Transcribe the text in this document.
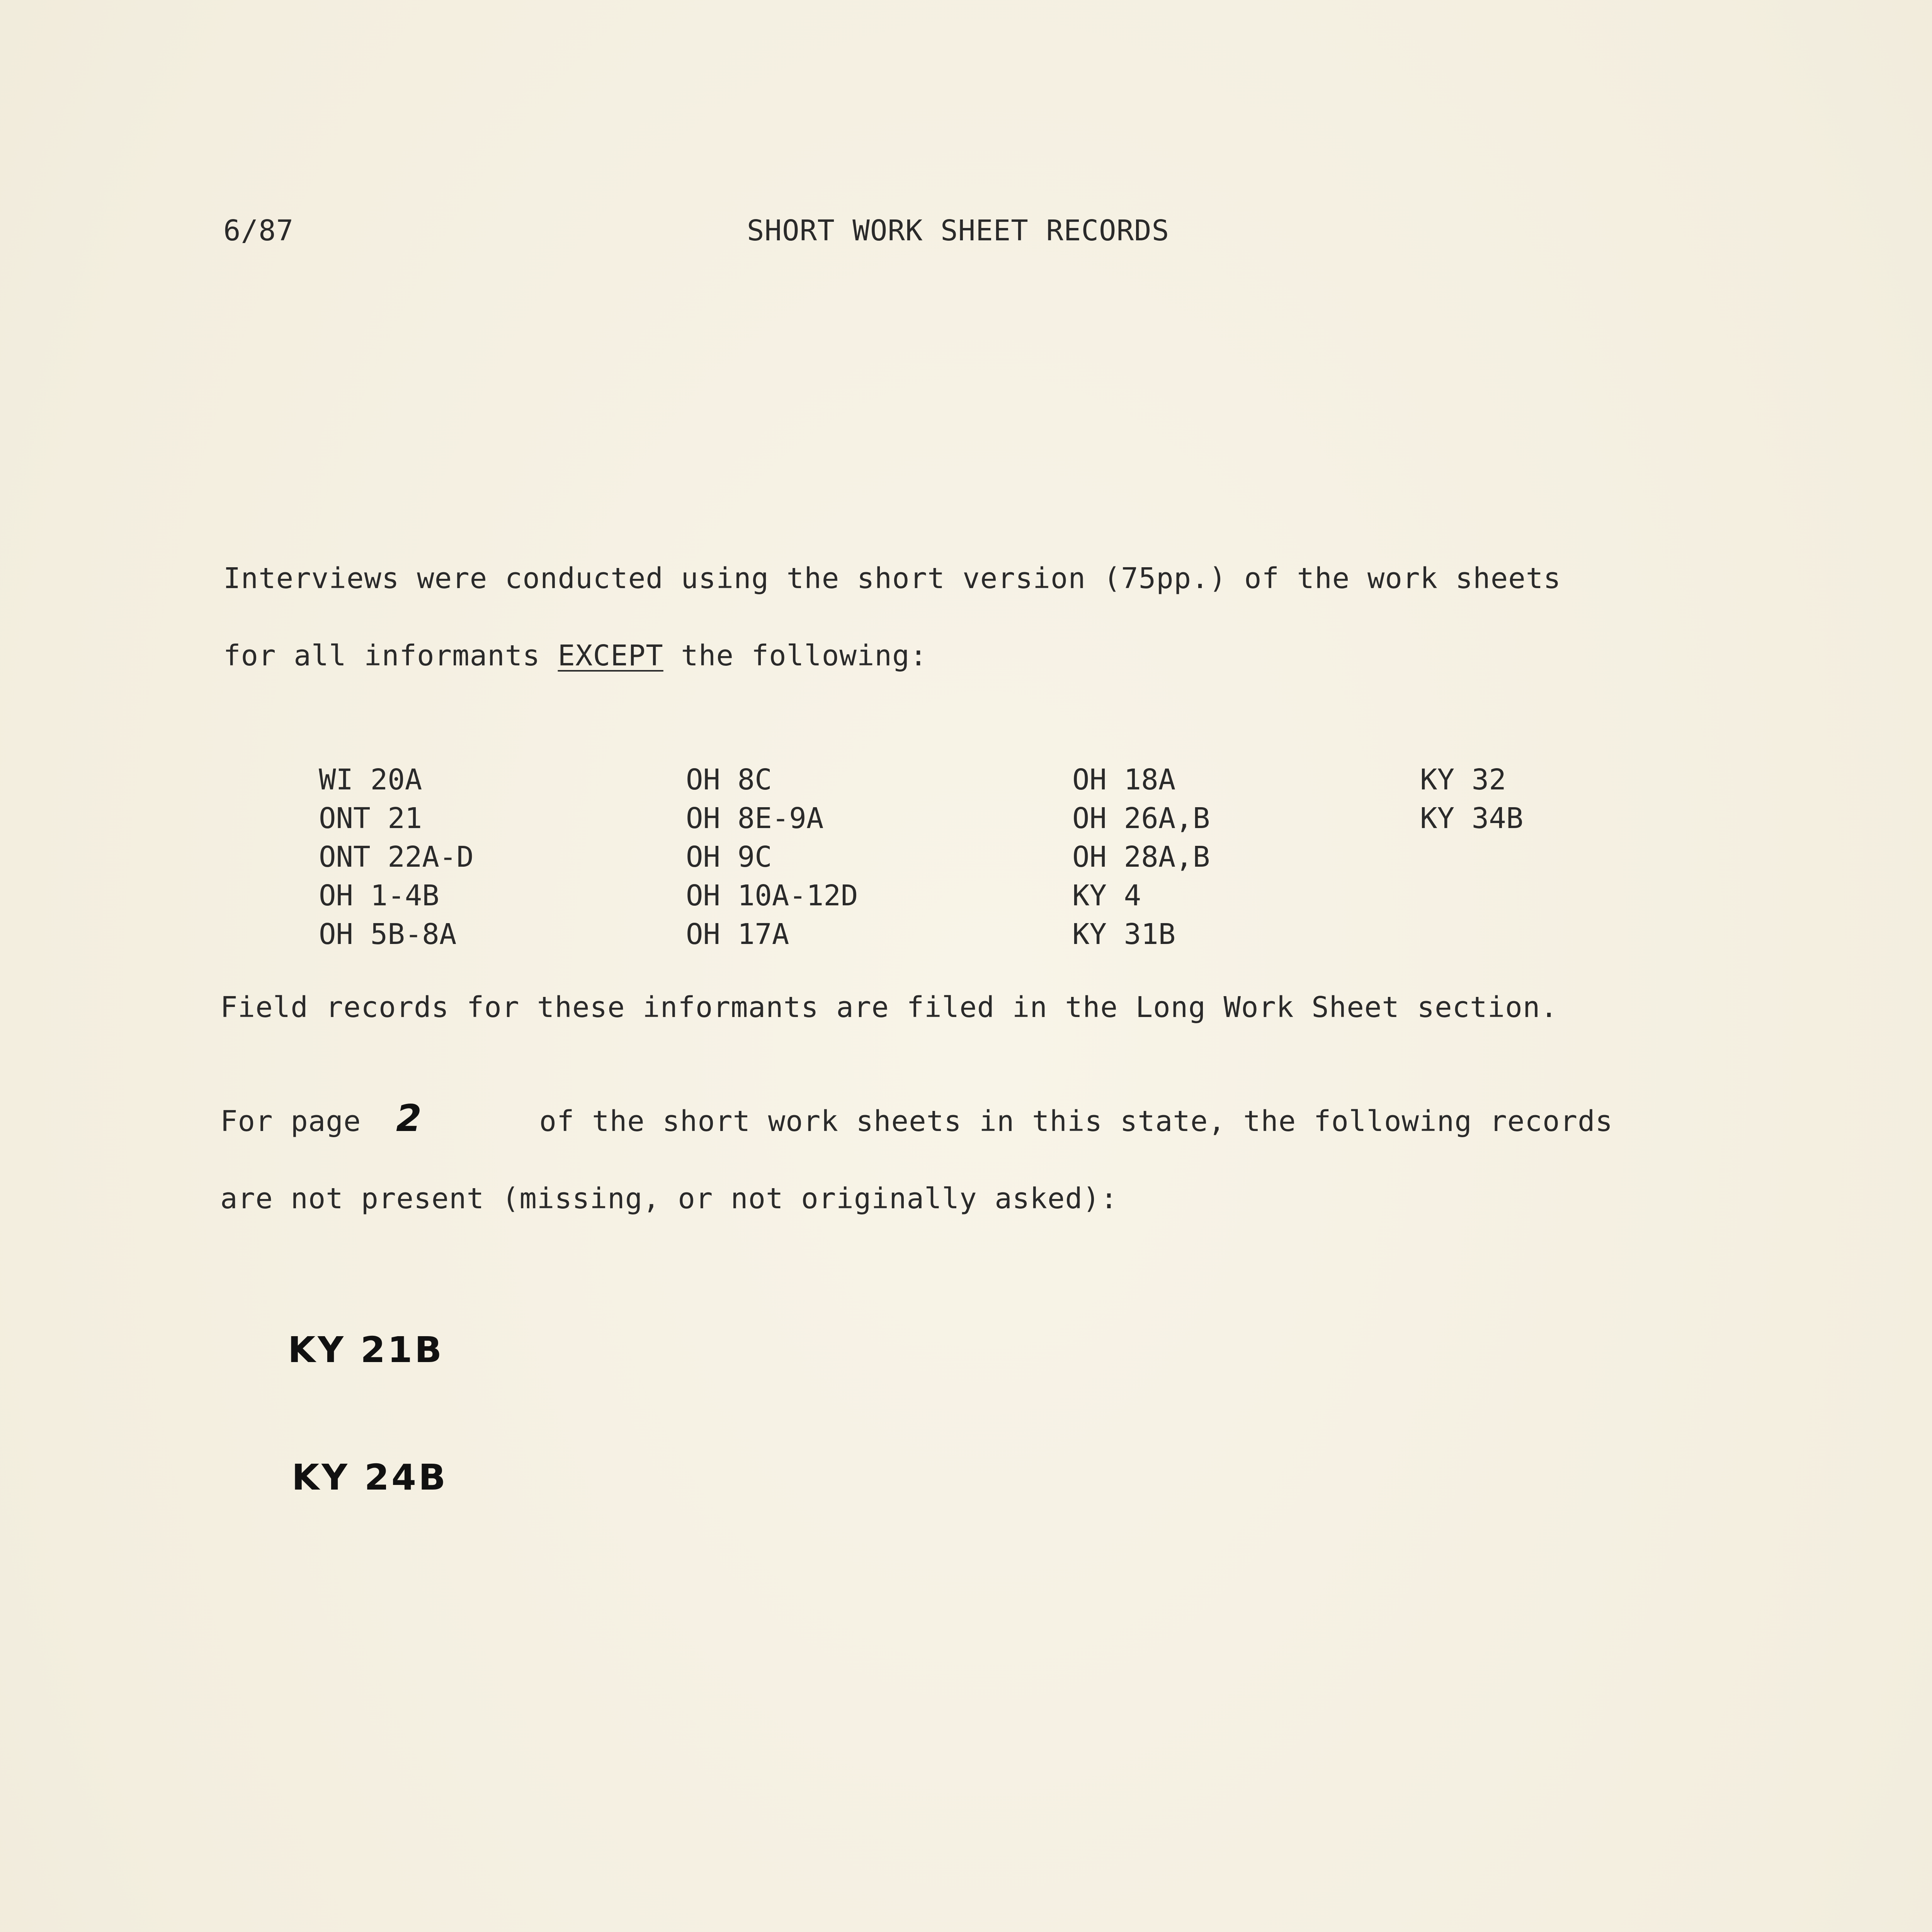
6/87	SHORT WORK SHEET RECORDS
Interviews were conducted using the short version (75pp.) of the work sheets
for all informants EXCEPT the following:
WI 20A
ONT 21
ONT 22A-D
OH 1-4B
OH 5B-8A
OH 8C
OH 8E-9A
OH 9C
OH 10A-12D
OH 17A
OH 18A
OH 26A,B
OH 28A,B
KY 4
KY 31B
KY 32
KY 34B
Field records for these informants are filed in the Long Work Sheet section.
For page	of the short work sheets in this state, the following records
2
are not present (missing, or not originally asked):
KY 21B
KY 24B
